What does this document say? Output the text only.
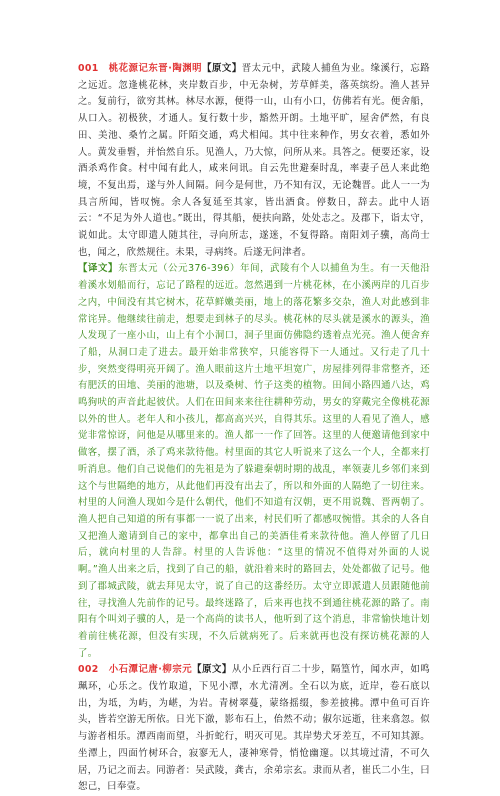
001　桃花源记东晋·陶渊明【原文】晋太元中，武陵人捕鱼为业。缘溪行，忘路之远近。忽逢桃花林，夹岸数百步，中无杂树，芳草鲜美，落英缤纷。渔人甚异之。复前行，欲穷其林。林尽水源，便得一山，山有小口，仿佛若有光。便舍船，从口入。初极狭，才通人。复行数十步，豁然开朗。土地平旷，屋舍俨然，有良田、美池、桑竹之属。阡陌交通，鸡犬相闻。其中往来种作，男女衣着，悉如外人。黄发垂髫，并怡然自乐。见渔人，乃大惊，问所从来。具答之。便要还家，设酒杀鸡作食。村中闻有此人，咸来问讯。自云先世避秦时乱，率妻子邑人来此绝境，不复出焉，遂与外人间隔。问今是何世，乃不知有汉，无论魏晋。此人一一为具言所闻，皆叹惋。余人各复延至其家，皆出酒食。停数日，辞去。此中人语云：“不足为外人道也。”既出，得其船，便扶向路，处处志之。及郡下，诣太守，说如此。太守即遣人随其往，寻向所志，遂迷，不复得路。南阳刘子骥，高尚士也，闻之，欣然规往。未果，寻病终。后遂无问津者。

【译文】东晋太元（公元376-396）年间，武陵有个人以捕鱼为生。有一天他沿着溪水划船而行，忘记了路程的远近。忽然遇到一片桃花林，在小溪两岸的几百步之内，中间没有其它树木，花草鲜嫩美丽，地上的落花繁多交杂，渔人对此感到非常诧异。他继续往前走，想要走到林子的尽头。桃花林的尽头就是溪水的源头，渔人发现了一座小山，山上有个小洞口，洞子里面仿佛隐约透着点光亮。渔人便舍弃了船，从洞口走了进去。最开始非常狭窄，只能容得下一人通过。又行走了几十步，突然变得明亮开阔了。渔人眼前这片土地平坦宽广，房屋排列得非常整齐，还有肥沃的田地、美丽的池塘，以及桑树、竹子这类的植物。田间小路四通八达，鸡鸣狗吠的声音此起彼伏。人们在田间来来往往耕种劳动，男女的穿戴完全像桃花源以外的世人。老年人和小孩儿，都高高兴兴，自得其乐。这里的人看见了渔人，感觉非常惊讶，问他是从哪里来的。渔人都一一作了回答。这里的人便邀请他到家中做客，摆了酒，杀了鸡来款待他。村里面的其它人听说来了这么一个人，全都来打听消息。他们自己说他们的先祖是为了躲避秦朝时期的战乱，率领妻儿乡邻们来到这个与世隔绝的地方，从此他们再没有出去了，所以和外面的人隔绝了一切往来。村里的人问渔人现如今是什么朝代，他们不知道有汉朝，更不用说魏、晋两朝了。渔人把自己知道的所有事都一一说了出来，村民们听了都感叹惋惜。其余的人各自又把渔人邀请到自己的家中，都拿出自己的美酒佳肴来款待他。渔人停留了几日后，就向村里的人告辞。村里的人告诉他：“这里的情况不值得对外面的人说啊。”渔人出来之后，找到了自己的船，就沿着来时的路回去，处处都做了记号。他到了郡城武陵，就去拜见太守，说了自己的这番经历。太守立即派遣人员跟随他前往，寻找渔人先前作的记号。最终迷路了，后来再也找不到通往桃花源的路了。南阳有个叫刘子骥的人，是一个高尚的读书人，他听到了这个消息，非常愉快地计划着前往桃花源，但没有实现，不久后就病死了。后来就再也没有探访桃花源的人了。

002　小石潭记唐·柳宗元【原文】从小丘西行百二十步，隔篁竹，闻水声，如鸣珮环，心乐之。伐竹取道，下见小潭，水尤清冽。全石以为底，近岸，卷石底以出，为坻，为屿，为嵁，为岩。青树翠蔓，蒙络摇缀，参差披拂。潭中鱼可百许头，皆若空游无所依。日光下澈，影布石上，佁然不动；俶尔远逝，往来翕忽。似与游者相乐。潭西南而望，斗折蛇行，明灭可见。其岸势犬牙差互，不可知其源。坐潭上，四面竹树环合，寂寥无人，凄神寒骨，悄怆幽邃。以其境过清，不可久居，乃记之而去。同游者：吴武陵，龚古，余弟宗玄。隶而从者，崔氏二小生，曰恕己，曰奉壹。
